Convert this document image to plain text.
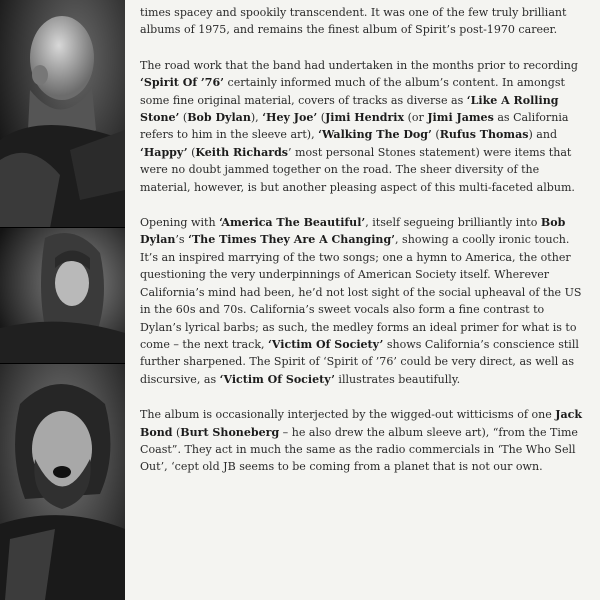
times spacey and spookily transcendent. It was one of the few truly brilliant albums of 1975, and remains the finest album of Spirit’s post-1970 career.

The road work that the band had undertaken in the months prior to recording ‘Spirit Of ’76’ certainly informed much of the album’s content. In amongst some fine original material, covers of tracks as diverse as ‘Like A Rolling Stone’ (Bob Dylan), ‘Hey Joe’ (Jimi Hendrix (or Jimi James as California refers to him in the sleeve art), ‘Walking The Dog’ (Rufus Thomas) and ‘Happy’ (Keith Richards’ most personal Stones statement) were items that were no doubt jammed together on the road. The sheer diversity of the material, however, is but another pleasing aspect of this multi-faceted album.

Opening with ‘America The Beautiful’, itself segueing brilliantly into Bob Dylan’s ‘The Times They Are A Changing’, showing a coolly ironic touch. It’s an inspired marrying of the two songs; one a hymn to America, the other questioning the very underpinnings of American Society itself. Wherever California’s mind had been, he’d not lost sight of the social upheaval of the US in the 60s and 70s. California’s sweet vocals also form a fine contrast to Dylan’s lyrical barbs; as such, the medley forms an ideal primer for what is to come – the next track, ‘Victim Of Society’ shows California’s conscience still further sharpened. The Spirit of ‘Spirit of ’76’ could be very direct, as well as discursive, as ‘Victim Of Society’ illustrates beautifully.

The album is occasionally interjected by the wigged-out witticisms of one Jack Bond (Burt Shoneberg – he also drew the album sleeve art), “from the Time Coast”. They act in much the same as the radio commercials in ‘The Who Sell Out’, ‘cept old JB seems to be coming from a planet that is not our own.
